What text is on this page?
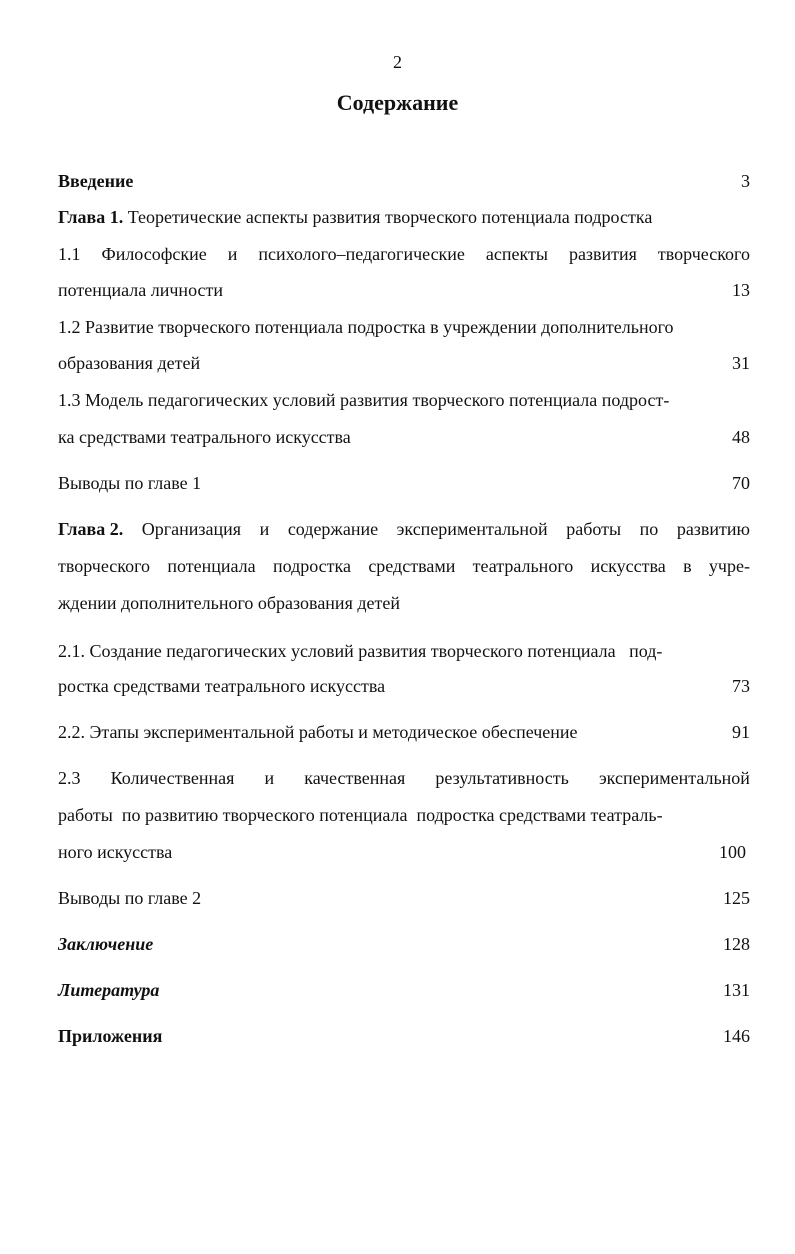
2
Содержание
Введение	3
Глава 1. Теоретические аспекты развития творческого потенциала подростка
1.1 Философские и психолого–педагогические аспекты развития творческого
потенциала личности	13
1.2 Развитие творческого потенциала подростка в учреждении дополнительного
образования детей	31
1.3 Модель педагогических условий развития творческого потенциала подрост-
ка средствами театрального искусства	48
Выводы по главе 1	70
Глава 2. Организация и содержание экспериментальной работы по развитию
творческого потенциала подростка средствами театрального искусства в учре-
ждении дополнительного образования детей
2.1. Создание педагогических условий развития творческого потенциала   под-
ростка средствами театрального искусства	73
2.2. Этапы экспериментальной работы и методическое обеспечение	91
2.3 Количественная и качественная результативность экспериментальной
работы  по развитию творческого потенциала  подростка средствами театраль-
ного искусства	100
Выводы по главе 2	125
Заключение	128
Литература	131
Приложения	146
